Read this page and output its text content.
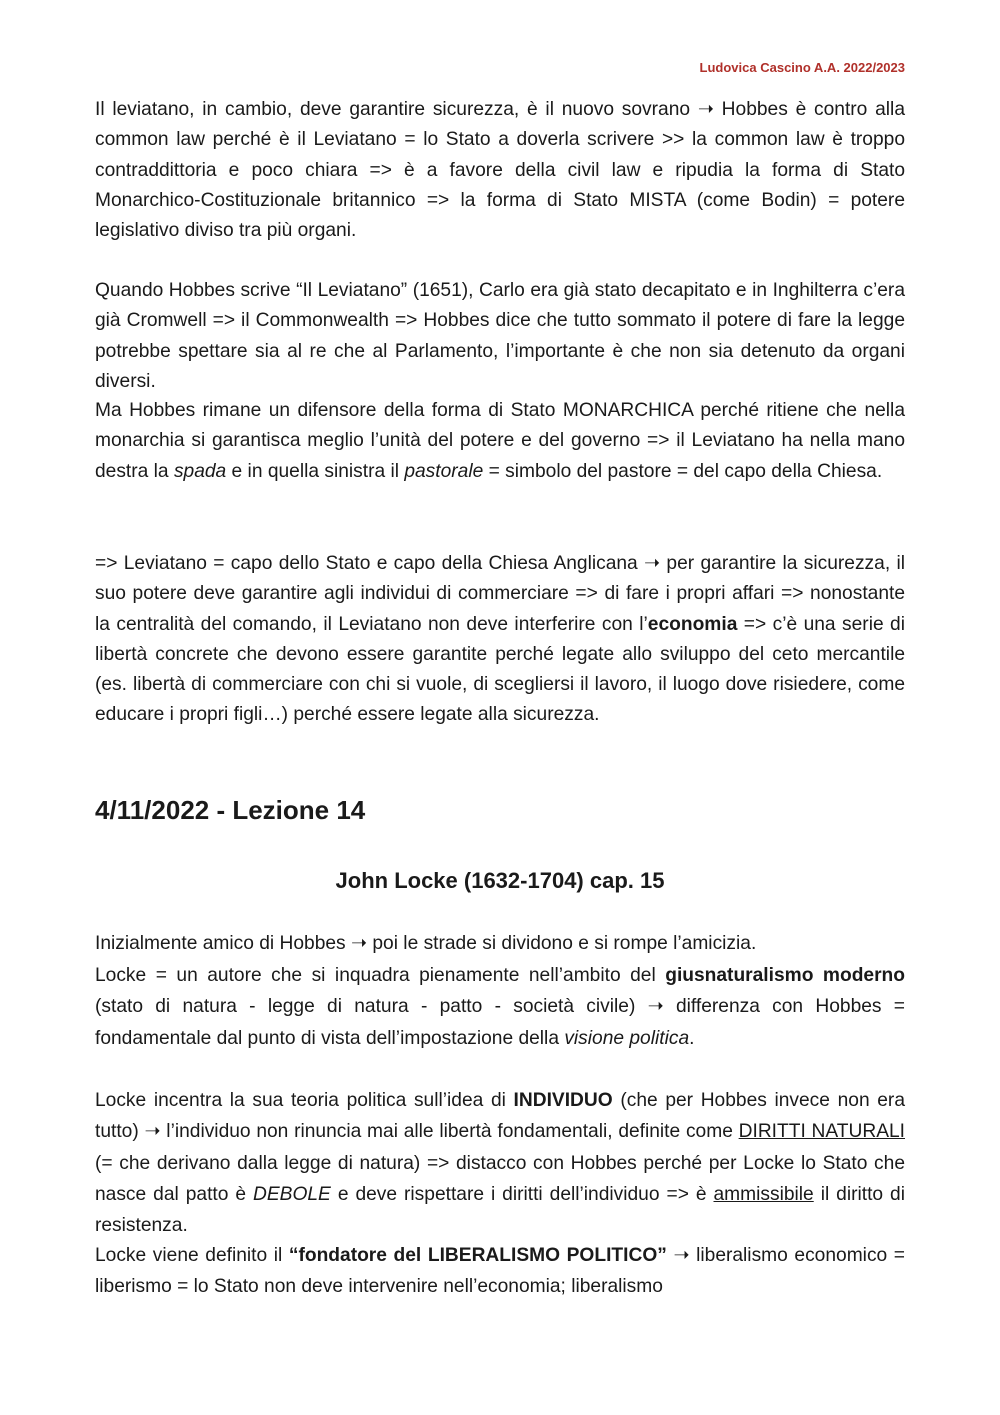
Ludovica Cascino A.A. 2022/2023

Il leviatano, in cambio, deve garantire sicurezza, è il nuovo sovrano ➝ Hobbes è contro alla common law perché è il Leviatano = lo Stato a doverla scrivere >> la common law è troppo contraddittoria e poco chiara => è a favore della civil law e ripudia la forma di Stato Monarchico-Costituzionale britannico => la forma di Stato MISTA (come Bodin) = potere legislativo diviso tra più organi.

Quando Hobbes scrive “Il Leviatano” (1651), Carlo era già stato decapitato e in Inghilterra c’era già Cromwell => il Commonwealth => Hobbes dice che tutto sommato il potere di fare la legge potrebbe spettare sia al re che al Parlamento, l’importante è che non sia detenuto da organi diversi.

Ma Hobbes rimane un difensore della forma di Stato MONARCHICA perché ritiene che nella monarchia si garantisca meglio l’unità del potere e del governo => il Leviatano ha nella mano destra la spada e in quella sinistra il pastorale = simbolo del pastore = del capo della Chiesa.

=> Leviatano = capo dello Stato e capo della Chiesa Anglicana ➝ per garantire la sicurezza, il suo potere deve garantire agli individui di commerciare => di fare i propri affari => nonostante la centralità del comando, il Leviatano non deve interferire con l’economia => c’è una serie di libertà concrete che devono essere garantite perché legate allo sviluppo del ceto mercantile (es. libertà di commerciare con chi si vuole, di scegliersi il lavoro, il luogo dove risiedere, come educare i propri figli…) perché essere legate alla sicurezza.

4/11/2022 - Lezione 14
John Locke (1632-1704) cap. 15

Inizialmente amico di Hobbes ➝ poi le strade si dividono e si rompe l’amicizia.
Locke = un autore che si inquadra pienamente nell’ambito del giusnaturalismo moderno (stato di natura - legge di natura - patto - società civile) ➝ differenza con Hobbes = fondamentale dal punto di vista dell’impostazione della visione politica.

Locke incentra la sua teoria politica sull’idea di INDIVIDUO (che per Hobbes invece non era tutto) ➝ l’individuo non rinuncia mai alle libertà fondamentali, definite come DIRITTI NATURALI (= che derivano dalla legge di natura) => distacco con Hobbes perché per Locke lo Stato che nasce dal patto è DEBOLE e deve rispettare i diritti dell’individuo => è ammissibile il diritto di resistenza.

Locke viene definito il “fondatore del LIBERALISMO POLITICO” ➝ liberalismo economico = liberismo = lo Stato non deve intervenire nell’economia; liberalismo
